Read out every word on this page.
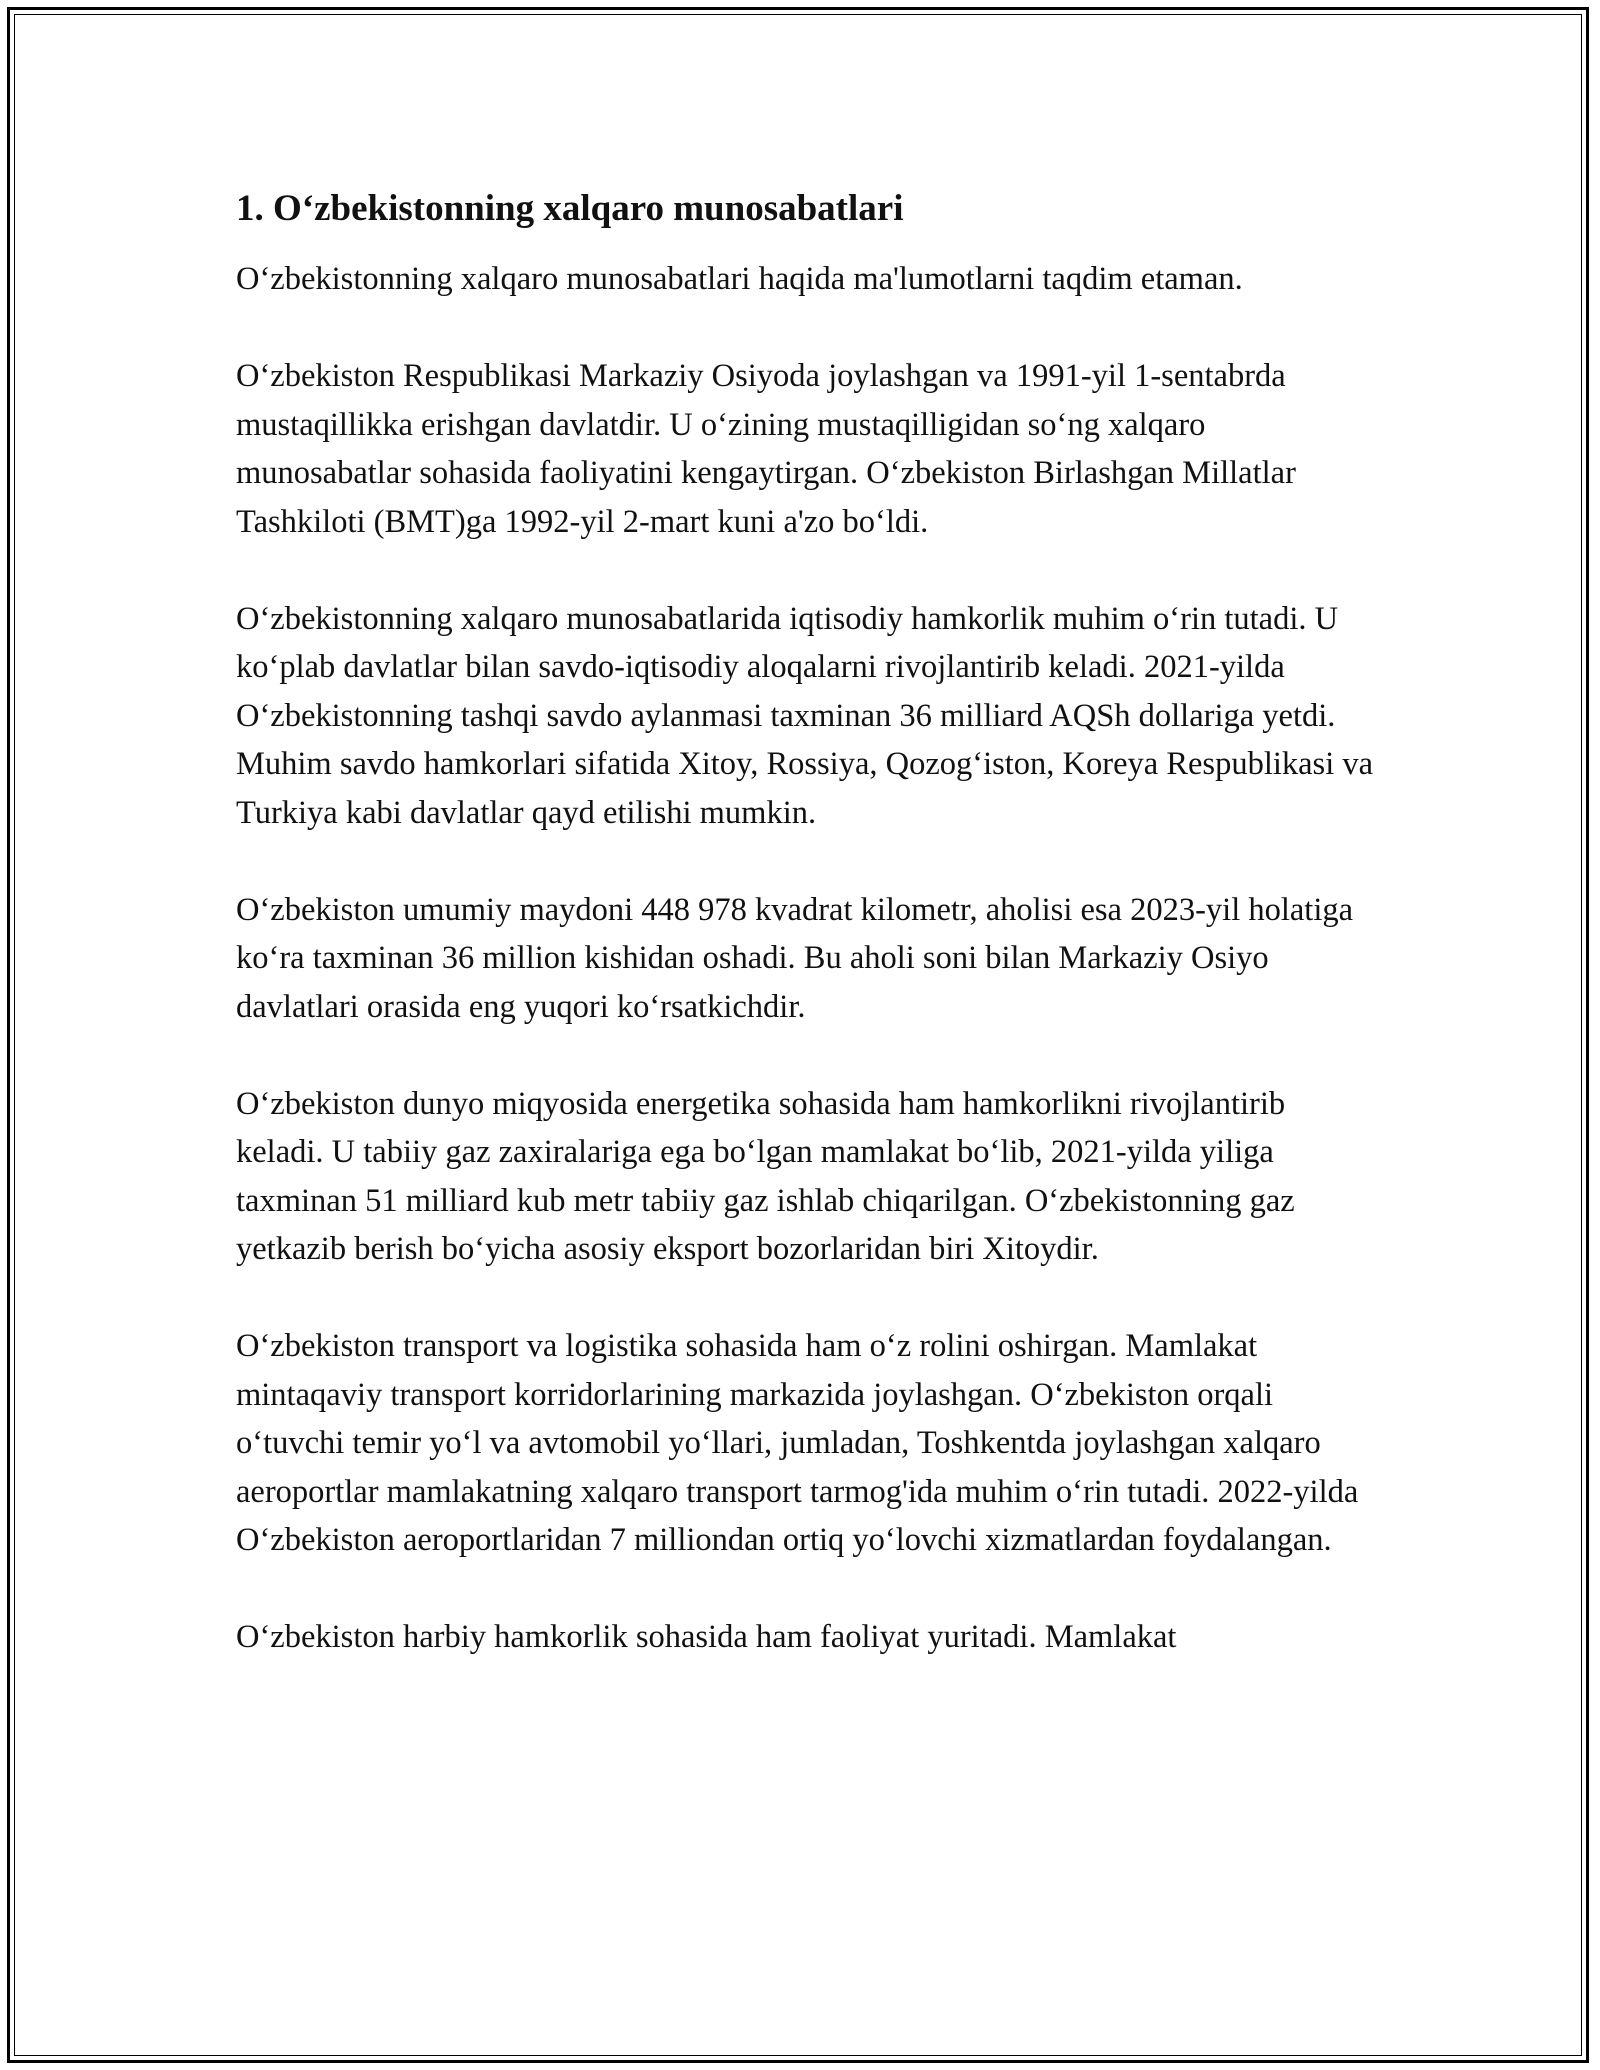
1. O‘zbekistonning xalqaro munosabatlari

O‘zbekistonning xalqaro munosabatlari haqida ma'lumotlarni taqdim etaman.

O‘zbekiston Respublikasi Markaziy Osiyoda joylashgan va 1991-yil 1-sentabrda mustaqillikka erishgan davlatdir. U o‘zining mustaqilligidan so‘ng xalqaro munosabatlar sohasida faoliyatini kengaytirgan. O‘zbekiston Birlashgan Millatlar Tashkiloti (BMT)ga 1992-yil 2-mart kuni a'zo bo‘ldi.

O‘zbekistonning xalqaro munosabatlarida iqtisodiy hamkorlik muhim o‘rin tutadi. U ko‘plab davlatlar bilan savdo-iqtisodiy aloqalarni rivojlantirib keladi. 2021-yilda O‘zbekistonning tashqi savdo aylanmasi taxminan 36 milliard AQSh dollariga yetdi. Muhim savdo hamkorlari sifatida Xitoy, Rossiya, Qozog‘iston, Koreya Respublikasi va Turkiya kabi davlatlar qayd etilishi mumkin.

O‘zbekiston umumiy maydoni 448 978 kvadrat kilometr, aholisi esa 2023-yil holatiga ko‘ra taxminan 36 million kishidan oshadi. Bu aholi soni bilan Markaziy Osiyo davlatlari orasida eng yuqori ko‘rsatkichdir.

O‘zbekiston dunyo miqyosida energetika sohasida ham hamkorlikni rivojlantirib keladi. U tabiiy gaz zaxiralariga ega bo‘lgan mamlakat bo‘lib, 2021-yilda yiliga taxminan 51 milliard kub metr tabiiy gaz ishlab chiqarilgan. O‘zbekistonning gaz yetkazib berish bo‘yicha asosiy eksport bozorlaridan biri Xitoydir.

O‘zbekiston transport va logistika sohasida ham o‘z rolini oshirgan. Mamlakat mintaqaviy transport korridorlarining markazida joylashgan. O‘zbekiston orqali o‘tuvchi temir yo‘l va avtomobil yo‘llari, jumladan, Toshkentda joylashgan xalqaro aeroportlar mamlakatning xalqaro transport tarmog'ida muhim o‘rin tutadi. 2022-yilda O‘zbekiston aeroportlaridan 7 milliondan ortiq yo‘lovchi xizmatlardan foydalangan.

O‘zbekiston harbiy hamkorlik sohasida ham faoliyat yuritadi. Mamlakat
